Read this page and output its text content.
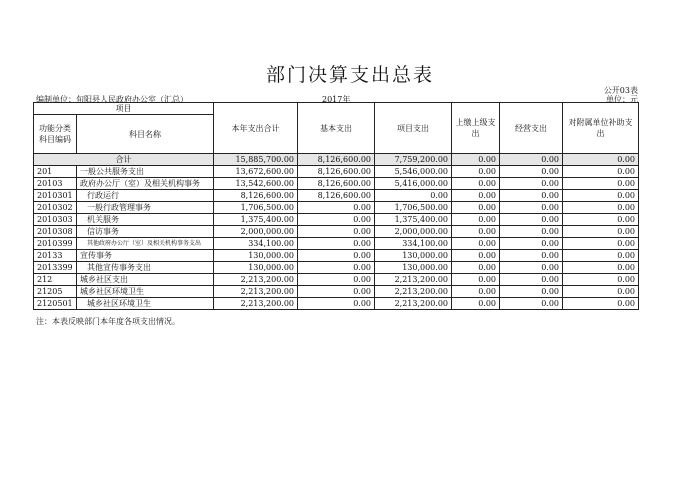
部门决算支出总表
公开03表
单位：元
编制单位：旬阳县人民政府办公室（汇总）	2017年
项目		本年支出合计	基本支出	项目支出	上缴上级支出	经营支出	对附属单位补助支出
功能分类科目编码	科目名称						
合计		15,885,700.00	8,126,600.00	7,759,200.00	0.00	0.00	0.00
201	一般公共服务支出	13,672,600.00	8,126,600.00	5,546,000.00	0.00	0.00	0.00
20103	政府办公厅（室）及相关机构事务	13,542,600.00	8,126,600.00	5,416,000.00	0.00	0.00	0.00
2010301	行政运行	8,126,600.00	8,126,600.00	0.00	0.00	0.00	0.00
2010302	一般行政管理事务	1,706,500.00	0.00	1,706,500.00	0.00	0.00	0.00
2010303	机关服务	1,375,400.00	0.00	1,375,400.00	0.00	0.00	0.00
2010308	信访事务	2,000,000.00	0.00	2,000,000.00	0.00	0.00	0.00
2010399	其他政府办公厅（室）及相关机构事务支出	334,100.00	0.00	334,100.00	0.00	0.00	0.00
20133	宣传事务	130,000.00	0.00	130,000.00	0.00	0.00	0.00
2013399	其他宣传事务支出	130,000.00	0.00	130,000.00	0.00	0.00	0.00
212	城乡社区支出	2,213,200.00	0.00	2,213,200.00	0.00	0.00	0.00
21205	城乡社区环境卫生	2,213,200.00	0.00	2,213,200.00	0.00	0.00	0.00
2120501	城乡社区环境卫生	2,213,200.00	0.00	2,213,200.00	0.00	0.00	0.00
注：本表反映部门本年度各项支出情况。
